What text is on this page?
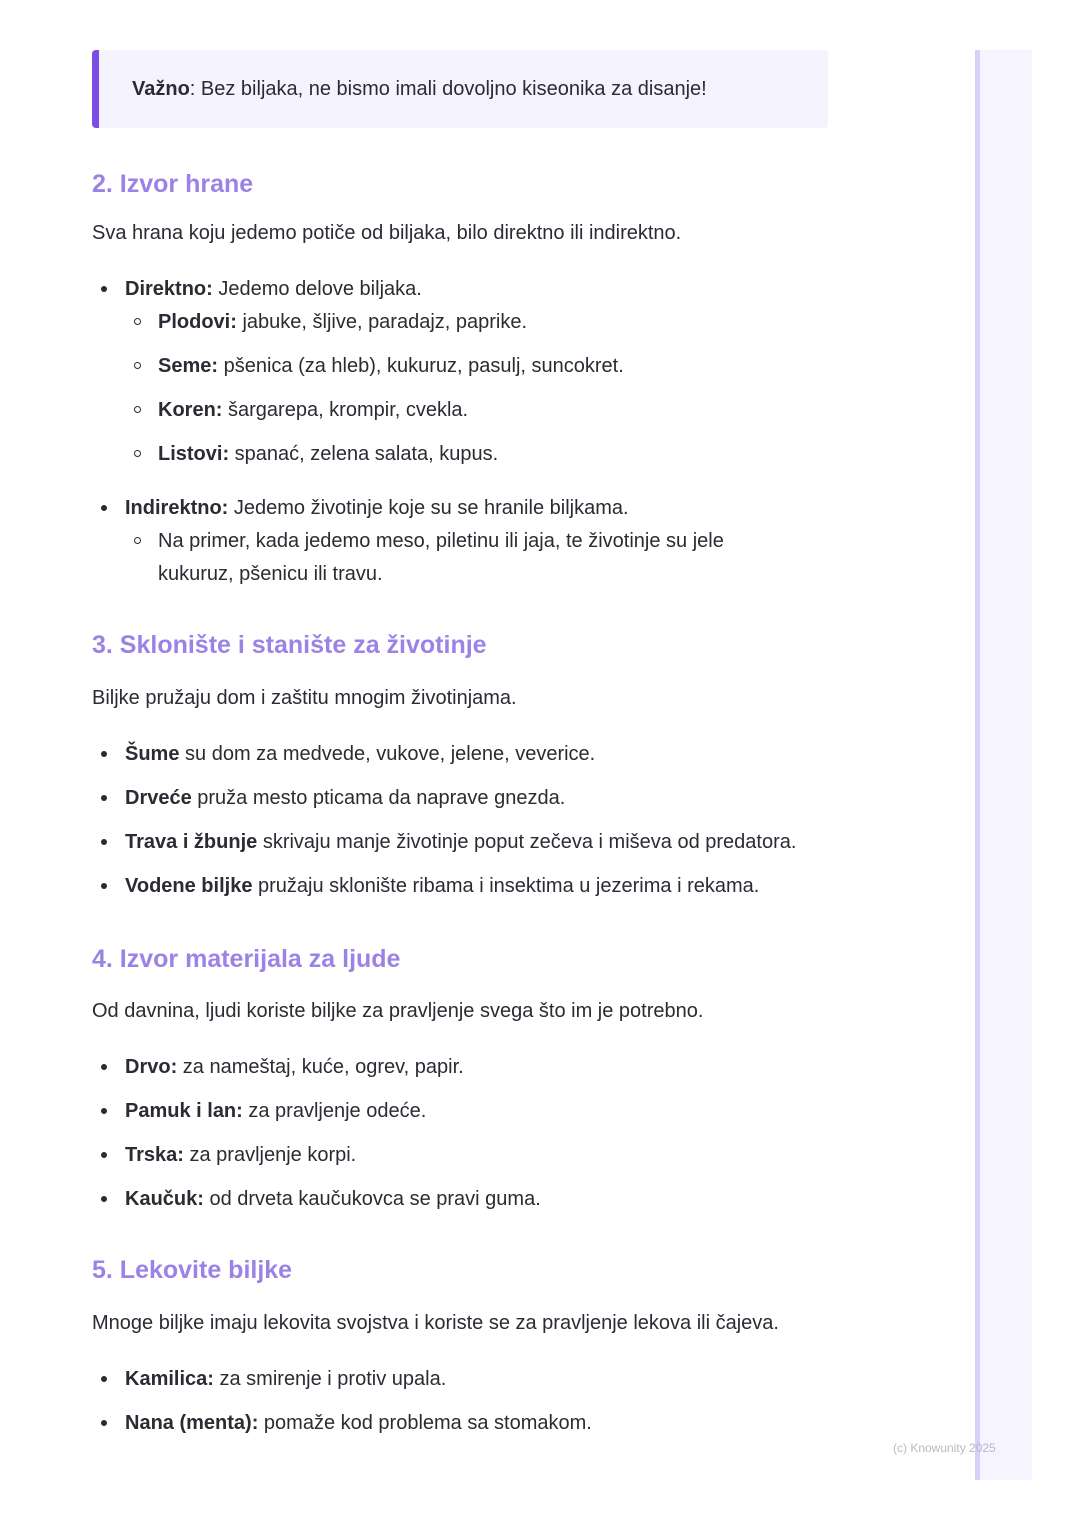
Važno: Bez biljaka, ne bismo imali dovoljno kiseonika za disanje!
2. Izvor hrane

Sva hrana koju jedemo potiče od biljaka, bilo direktno ili indirektno.

Direktno: Jedemo delove biljaka.
Plodovi: jabuke, šljive, paradajz, paprike.
Seme: pšenica (za hleb), kukuruz, pasulj, suncokret.
Koren: šargarepa, krompir, cvekla.
Listovi: spanać, zelena salata, kupus.
Indirektno: Jedemo životinje koje su se hranile biljkama.
Na primer, kada jedemo meso, piletinu ili jaja, te životinje su jele kukuruz, pšenicu ili travu.
3. Sklonište i stanište za životinje

Biljke pružaju dom i zaštitu mnogim životinjama.

Šume su dom za medvede, vukove, jelene, veverice.
Drveće pruža mesto pticama da naprave gnezda.
Trava i žbunje skrivaju manje životinje poput zečeva i miševa od predatora.
Vodene biljke pružaju sklonište ribama i insektima u jezerima i rekama.
4. Izvor materijala za ljude

Od davnina, ljudi koriste biljke za pravljenje svega što im je potrebno.

Drvo: za nameštaj, kuće, ogrev, papir.
Pamuk i lan: za pravljenje odeće.
Trska: za pravljenje korpi.
Kaučuk: od drveta kaučukovca se pravi guma.
5. Lekovite biljke

Mnoge biljke imaju lekovita svojstva i koriste se za pravljenje lekova ili čajeva.

Kamilica: za smirenje i protiv upala.
Nana (menta): pomaže kod problema sa stomakom.
(c) Knowunity 2025
